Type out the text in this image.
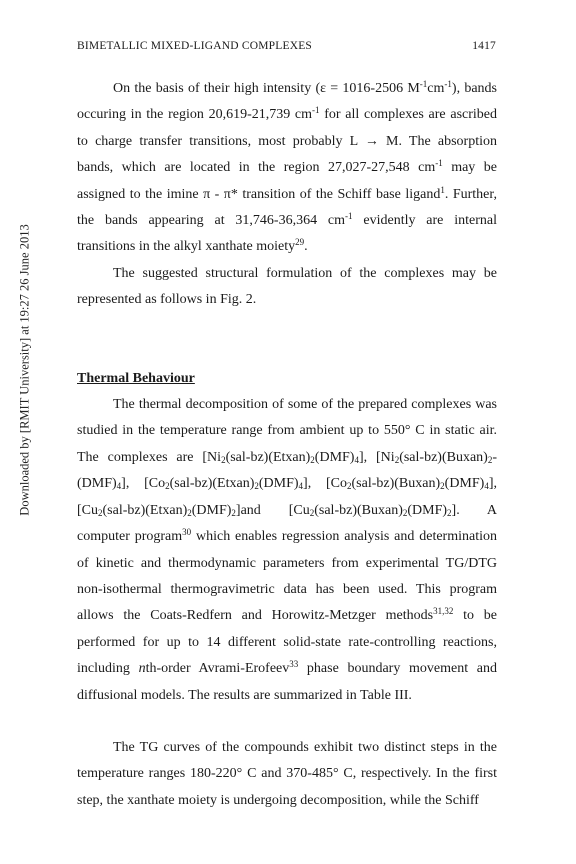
Downloaded by [RMIT University] at 19:27 26 June 2013
BIMETALLIC MIXED-LIGAND COMPLEXES	1417

On the basis of their high intensity (ε = 1016-2506 $M^{-1}cm^{-1}$), bands occuring in the region 20,619-21,739 $cm^{-1}$ for all complexes are ascribed to charge transfer transitions, most probably L → M. The absorption bands, which are located in the region 27,027-27,548 $cm^{-1}$ may be assigned to the imine π - π* transition of the Schiff base ligand$^1$. Further, the bands appearing at 31,746-36,364 $cm^{-1}$ evidently are internal transitions in the alkyl xanthate moiety$^{29}$.

The suggested structural formulation of the complexes may be represented as follows in Fig. 2.

Thermal Behaviour

The thermal decomposition of some of the prepared complexes was studied in the temperature range from ambient up to 550° C in static air. The complexes are $[Ni_2(sal-bz)(Etxan)_2(DMF)_4]$, $[Ni_2(sal-bz)(Buxan)_2-(DMF)_4]$, $[Co_2(sal-bz)(Etxan)_2(DMF)_4]$, $[Co_2(sal-bz)(Buxan)_2(DMF)_4]$, $[Cu_2(sal-bz)(Etxan)_2(DMF)_2]and$ $[Cu_2(sal-bz)(Buxan)_2(DMF)_2]$. A computer program$^{30}$ which enables regression analysis and determination of kinetic and thermodynamic parameters from experimental TG/DTG non-isothermal thermogravimetric data has been used. This program allows the Coats-Redfern and Horowitz-Metzger methods$^{31,32}$ to be performed for up to 14 different solid-state rate-controlling reactions, including nth-order Avrami-Erofeev$^{33}$ phase boundary movement and diffusional models. The results are summarized in Table III.

The TG curves of the compounds exhibit two distinct steps in the temperature ranges 180-220° C and 370-485° C, respectively. In the first step, the xanthate moiety is undergoing decomposition, while the Schiff
